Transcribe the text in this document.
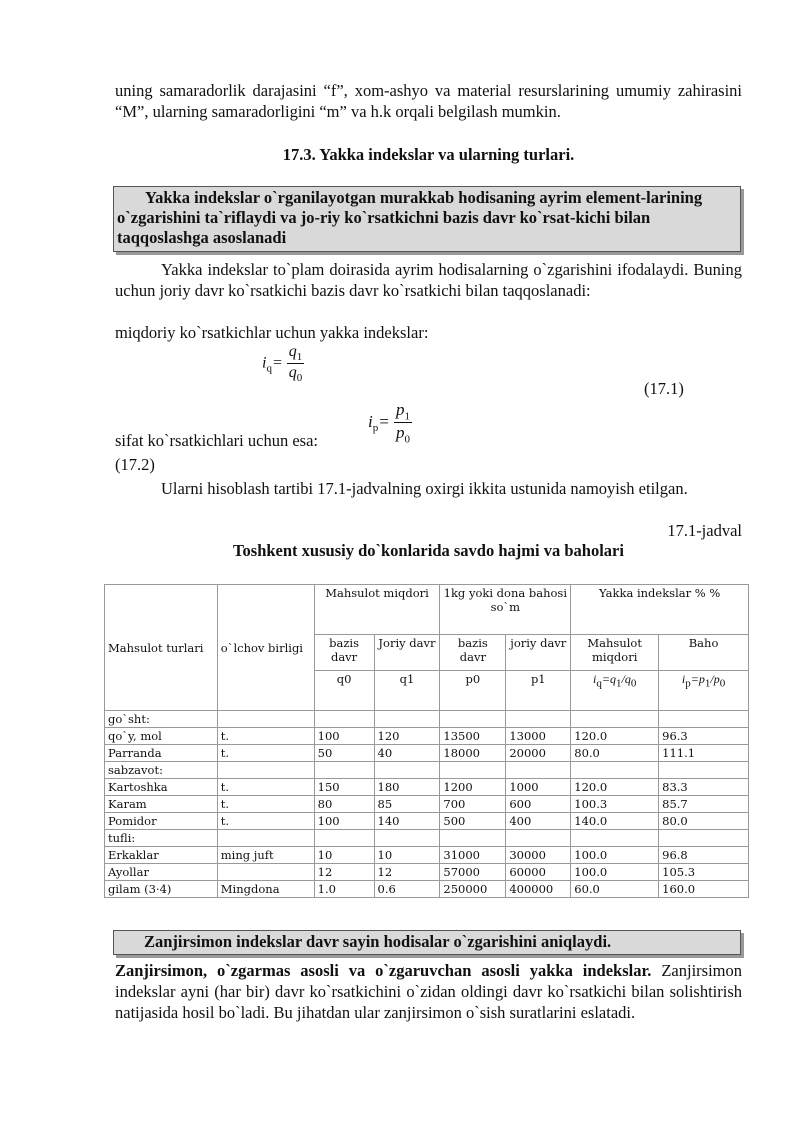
uning samaradorlik darajasini “f”, xom-ashyo va material resurslarining umumiy zahirasini “M”, ularning samaradorligini “m” va h.k orqali belgilash mumkin.
17.3. Yakka indekslar va ularning turlari.
Yakka indekslar o`rganilayotgan murakkab hodisaning ayrim element-larining o`zgarishini ta`riflaydi va jo-riy ko`rsatkichni bazis davr ko`rsat-kichi bilan taqqoslashga asoslanadi
Yakka indekslar to`plam doirasida ayrim hodisalarning o`zgarishini ifodalaydi. Buning uchun joriy davr ko`rsatkichi bazis davr ko`rsatkichi bilan taqqoslanadi:
miqdoriy ko`rsatkichlar uchun yakka indekslar:
$i_q= \frac{q_1}{q_0}$
(17.1)
$i_p= \frac{p_1}{p_0}$
sifat ko`rsatkichlari uchun esa:
(17.2)
Ularni hisoblash tartibi 17.1-jadvalning oxirgi ikkita ustunida namoyish etilgan.
17.1-jadval
Toshkent xususiy do`konlarida savdo hajmi va baholari
Mahsulot turlari	o`lchov birligi	Mahsulot miqdori		1kg yoki dona bahosi so`m		Yakka indekslar % %	
		bazis davr	Joriy davr	bazis davr	joriy davr	Mahsulot miqdori	Baho
		q0	q1	p0	p1	iq=q1/q0	ip=p1/p0
go`sht:							
qo`y, mol	t.	100	120	13500	13000	120.0	96.3
Parranda	t.	50	40	18000	20000	80.0	111.1
sabzavot:							
Kartoshka	t.	150	180	1200	1000	120.0	83.3
Karam	t.	80	85	700	600	100.3	85.7
Pomidor	t.	100	140	500	400	140.0	80.0
tufli:							
Erkaklar	ming juft	10	10	31000	30000	100.0	96.8
Ayollar		12	12	57000	60000	100.0	105.3
gilam (3·4)	Mingdona	1.0	0.6	250000	400000	60.0	160.0
Zanjirsimon indekslar davr sayin hodisalar o`zgarishini aniqlaydi.
Zanjirsimon, o`zgarmas asosli va o`zgaruvchan asosli yakka indekslar. Zanjirsimon indekslar ayni (har bir) davr ko`rsatkichini o`zidan oldingi davr ko`rsatkichi bilan solishtirish natijasida hosil bo`ladi. Bu jihatdan ular zanjirsimon o`sish suratlarini eslatadi.
